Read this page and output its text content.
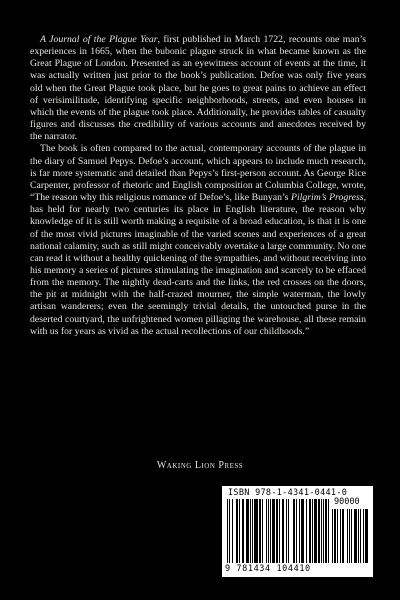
A Journal of the Plague Year, first published in March 1722, recounts one man’s experiences in 1665, when the bubonic plague struck in what became known as the Great Plague of London. Presented as an eyewitness account of events at the time, it was actually written just prior to the book’s publication. Defoe was only five years old when the Great Plague took place, but he goes to great pains to achieve an effect of verisimilitude, identifying specific neighborhoods, streets, and even houses in which the events of the plague took place. Additionally, he provides tables of casualty figures and discusses the credibility of various accounts and anecdotes received by the narrator.

The book is often compared to the actual, contemporary accounts of the plague in the diary of Samuel Pepys. Defoe’s account, which appears to include much research, is far more systematic and detailed than Pepys’s first-person account. As George Rice Carpenter, professor of rhetoric and English composition at Columbia College, wrote, “The reason why this religious romance of Defoe’s, like Bunyan’s Pilgrim’s Progress, has held for nearly two centuries its place in English literature, the reason why knowledge of it is still worth making a requisite of a broad education, is that it is one of the most vivid pictures imaginable of the varied scenes and experiences of a great national calamity, such as still might conceivably overtake a large community. No one can read it without a healthy quickening of the sympathies, and without receiving into his memory a series of pictures stimulating the imagination and scarcely to be effaced from the memory. The nightly dead-carts and the links, the red crosses on the doors, the pit at midnight with the half-crazed mourner, the simple waterman, the lowly artisan wanderers; even the seemingly trivial details, the untouched purse in the deserted courtyard, the unfrightened women pillaging the warehouse, all these remain with us for years as vivid as the actual recollections of our childhoods.”

Waking Lion Press
ISBN 978-1-4341-0441-0
90000
9 781434 104410
